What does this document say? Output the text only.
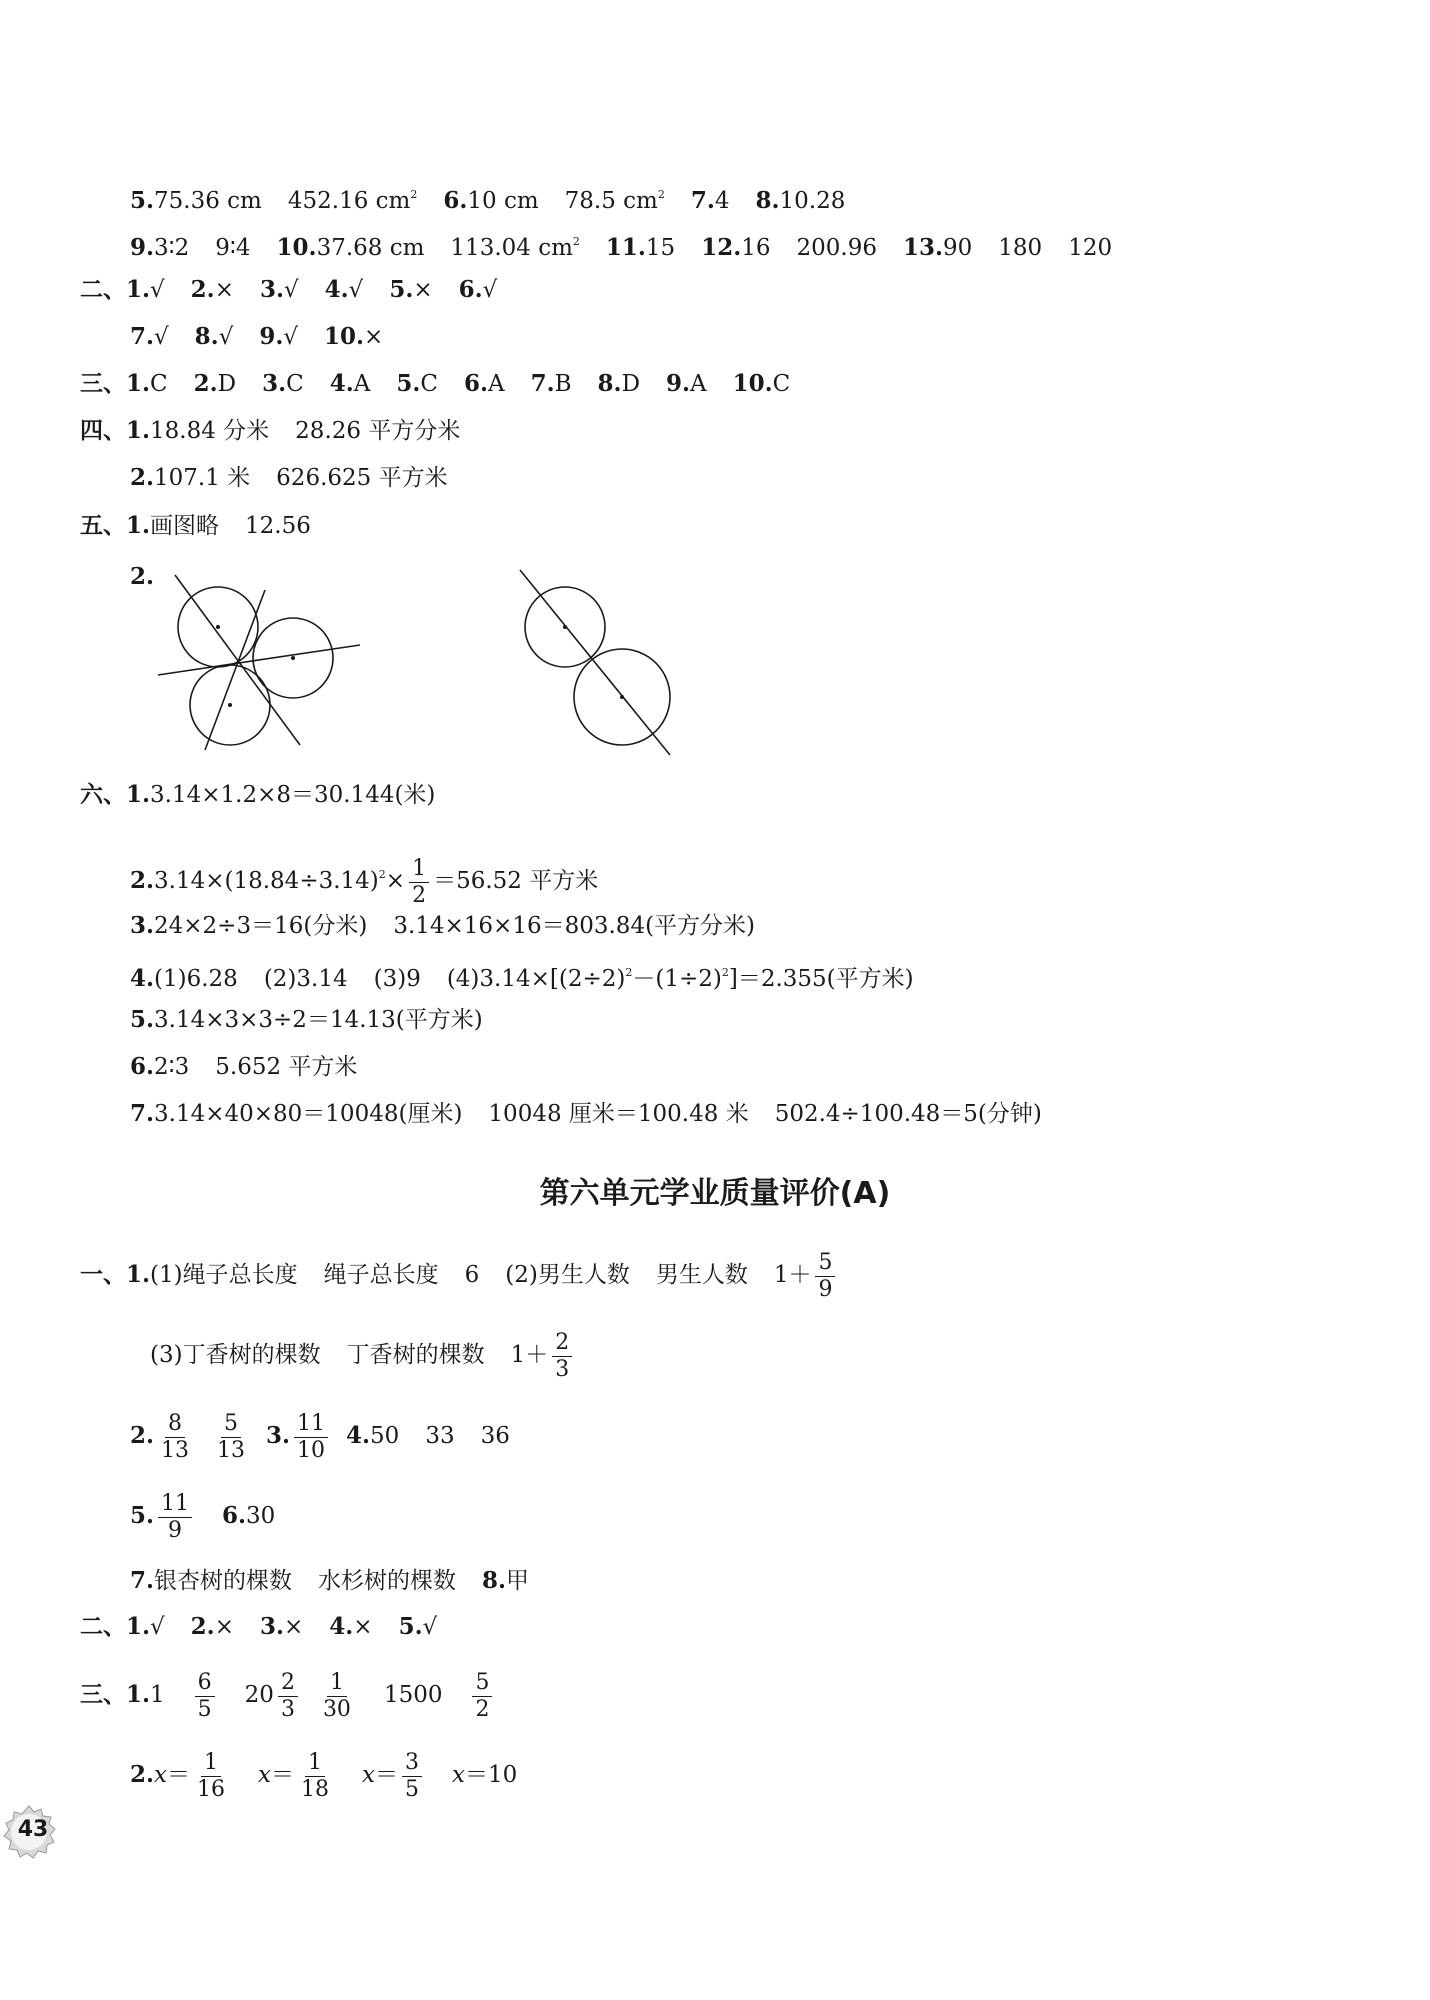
5.75.36 cm 452.16 $cm^2$ 6.10 cm 78.5 $cm^2$ 7.4 8.10.28
9.3∶2 9∶4 10.37.68 cm 113.04 $cm^2$ 11.15 12.16 200.96 13.90 180 120
二、1.√ 2.× 3.√ 4.√ 5.× 6.√
7.√ 8.√ 9.√ 10.×
三、1.C 2.D 3.C 4.A 5.C 6.A 7.B 8.D 9.A 10.C
四、1.18.84 分米 28.26 平方分米
2.107.1 米 626.625 平方米
五、1.画图略 12.56
2.
六、1.3.14×1.2×8＝30.144(米)
$2.3.14\times(18.84\div 3.14)^2\times \frac{1}{2} =56.52$ 平方米
3.24×2÷3＝16(分米) 3.14×16×16＝803.84(平方分米)
4.(1)6.28 (2)3.14 (3)9 $(4)3.14\times[(2\div 2)^2-(1\div 2)^2]=2.355$(平方米)
5.3.14×3×3÷2＝14.13(平方米)
6.2∶3 5.652 平方米
7.3.14×40×80＝10048(厘米) 10048 厘米＝100.48 米 502.4÷100.48＝5(分钟)
第六单元学业质量评价(A)
一、1.(1)绳子总长度 绳子总长度 6 (2)男生人数 男生人数 $1+ \frac{5}{9}$
(3)丁香树的棵数 丁香树的棵数 $1+ \frac{2}{3}$
2. $\frac{8}{13} \frac{5}{13} 3$. $\frac{11}{10} 4.50$ 33 36
5. $\frac{11}{9} 6.30$
7.银杏树的棵数 水杉树的棵数 8.甲
二、1.√ 2.× 3.× 4.× 5.√
三、$1.1 \frac{6}{5} 20 \frac{2}{3} \frac{1}{30} 1500 \frac{5}{2}$
$2.x= \frac{1}{16} x= \frac{1}{18} x= \frac{3}{5} x=10$
43
